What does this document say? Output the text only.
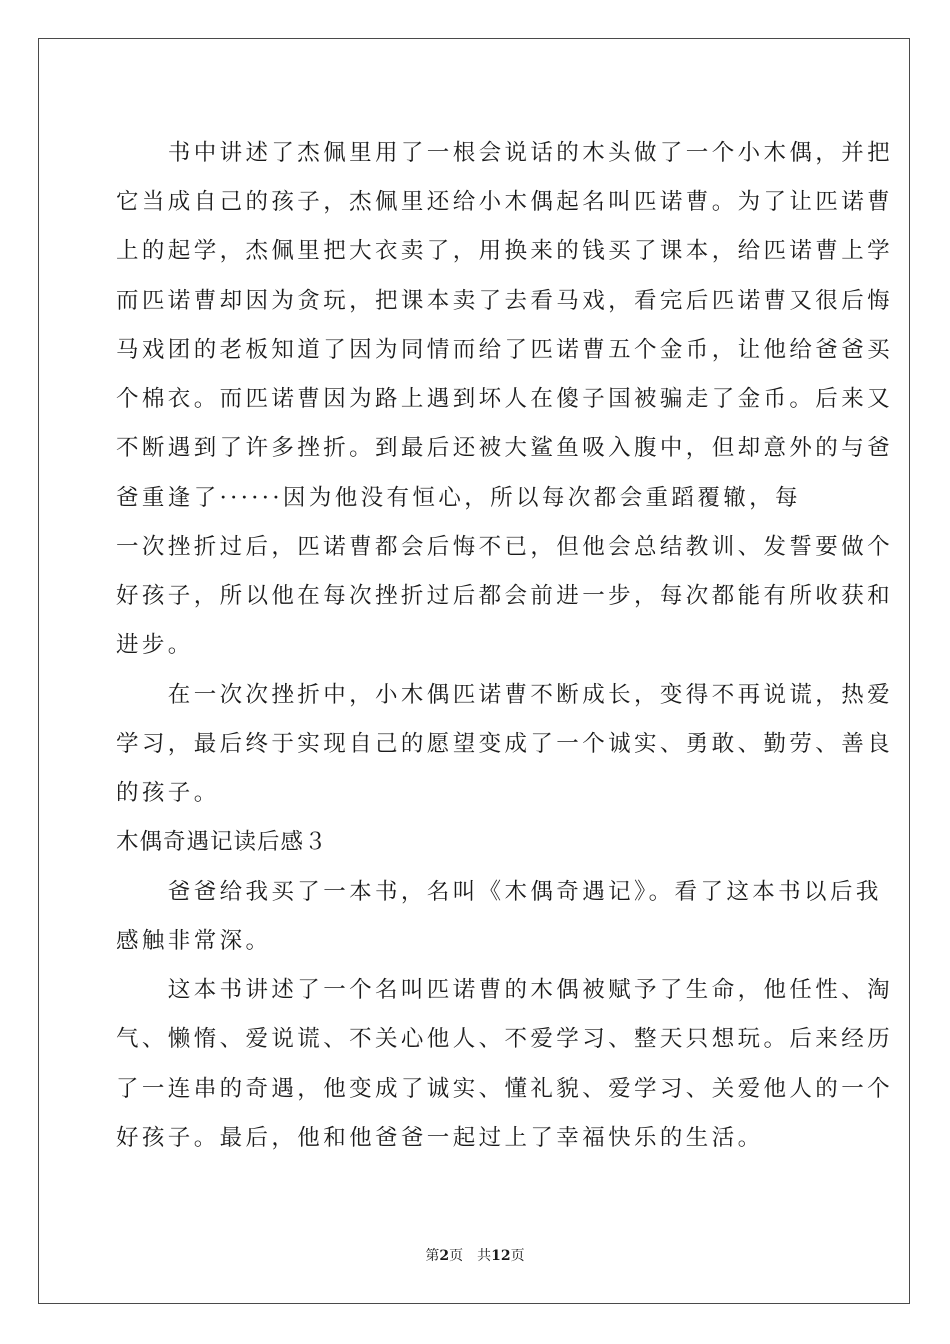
　　书中讲述了杰佩里用了一根会说话的木头做了一个小木偶，并把
它当成自己的孩子，杰佩里还给小木偶起名叫匹诺曹。为了让匹诺曹
上的起学，杰佩里把大衣卖了，用换来的钱买了课本，给匹诺曹上学
而匹诺曹却因为贪玩，把课本卖了去看马戏，看完后匹诺曹又很后悔
马戏团的老板知道了因为同情而给了匹诺曹五个金币，让他给爸爸买
个棉衣。而匹诺曹因为路上遇到坏人在傻子国被骗走了金币。后来又
不断遇到了许多挫折。到最后还被大鲨鱼吸入腹中，但却意外的与爸
爸重逢了······因为他没有恒心，所以每次都会重蹈覆辙，每
一次挫折过后，匹诺曹都会后悔不已，但他会总结教训、发誓要做个
好孩子，所以他在每次挫折过后都会前进一步，每次都能有所收获和
进步。
　　在一次次挫折中，小木偶匹诺曹不断成长，变得不再说谎，热爱
学习，最后终于实现自己的愿望变成了一个诚实、勇敢、勤劳、善良
的孩子。
木偶奇遇记读后感３
　　爸爸给我买了一本书，名叫《木偶奇遇记》。看了这本书以后我
感触非常深。
　　这本书讲述了一个名叫匹诺曹的木偶被赋予了生命，他任性、淘
气、懒惰、爱说谎、不关心他人、不爱学习、整天只想玩。后来经历
了一连串的奇遇，他变成了诚实、懂礼貌、爱学习、关爱他人的一个
好孩子。最后，他和他爸爸一起过上了幸福快乐的生活。
第2页　共12页
